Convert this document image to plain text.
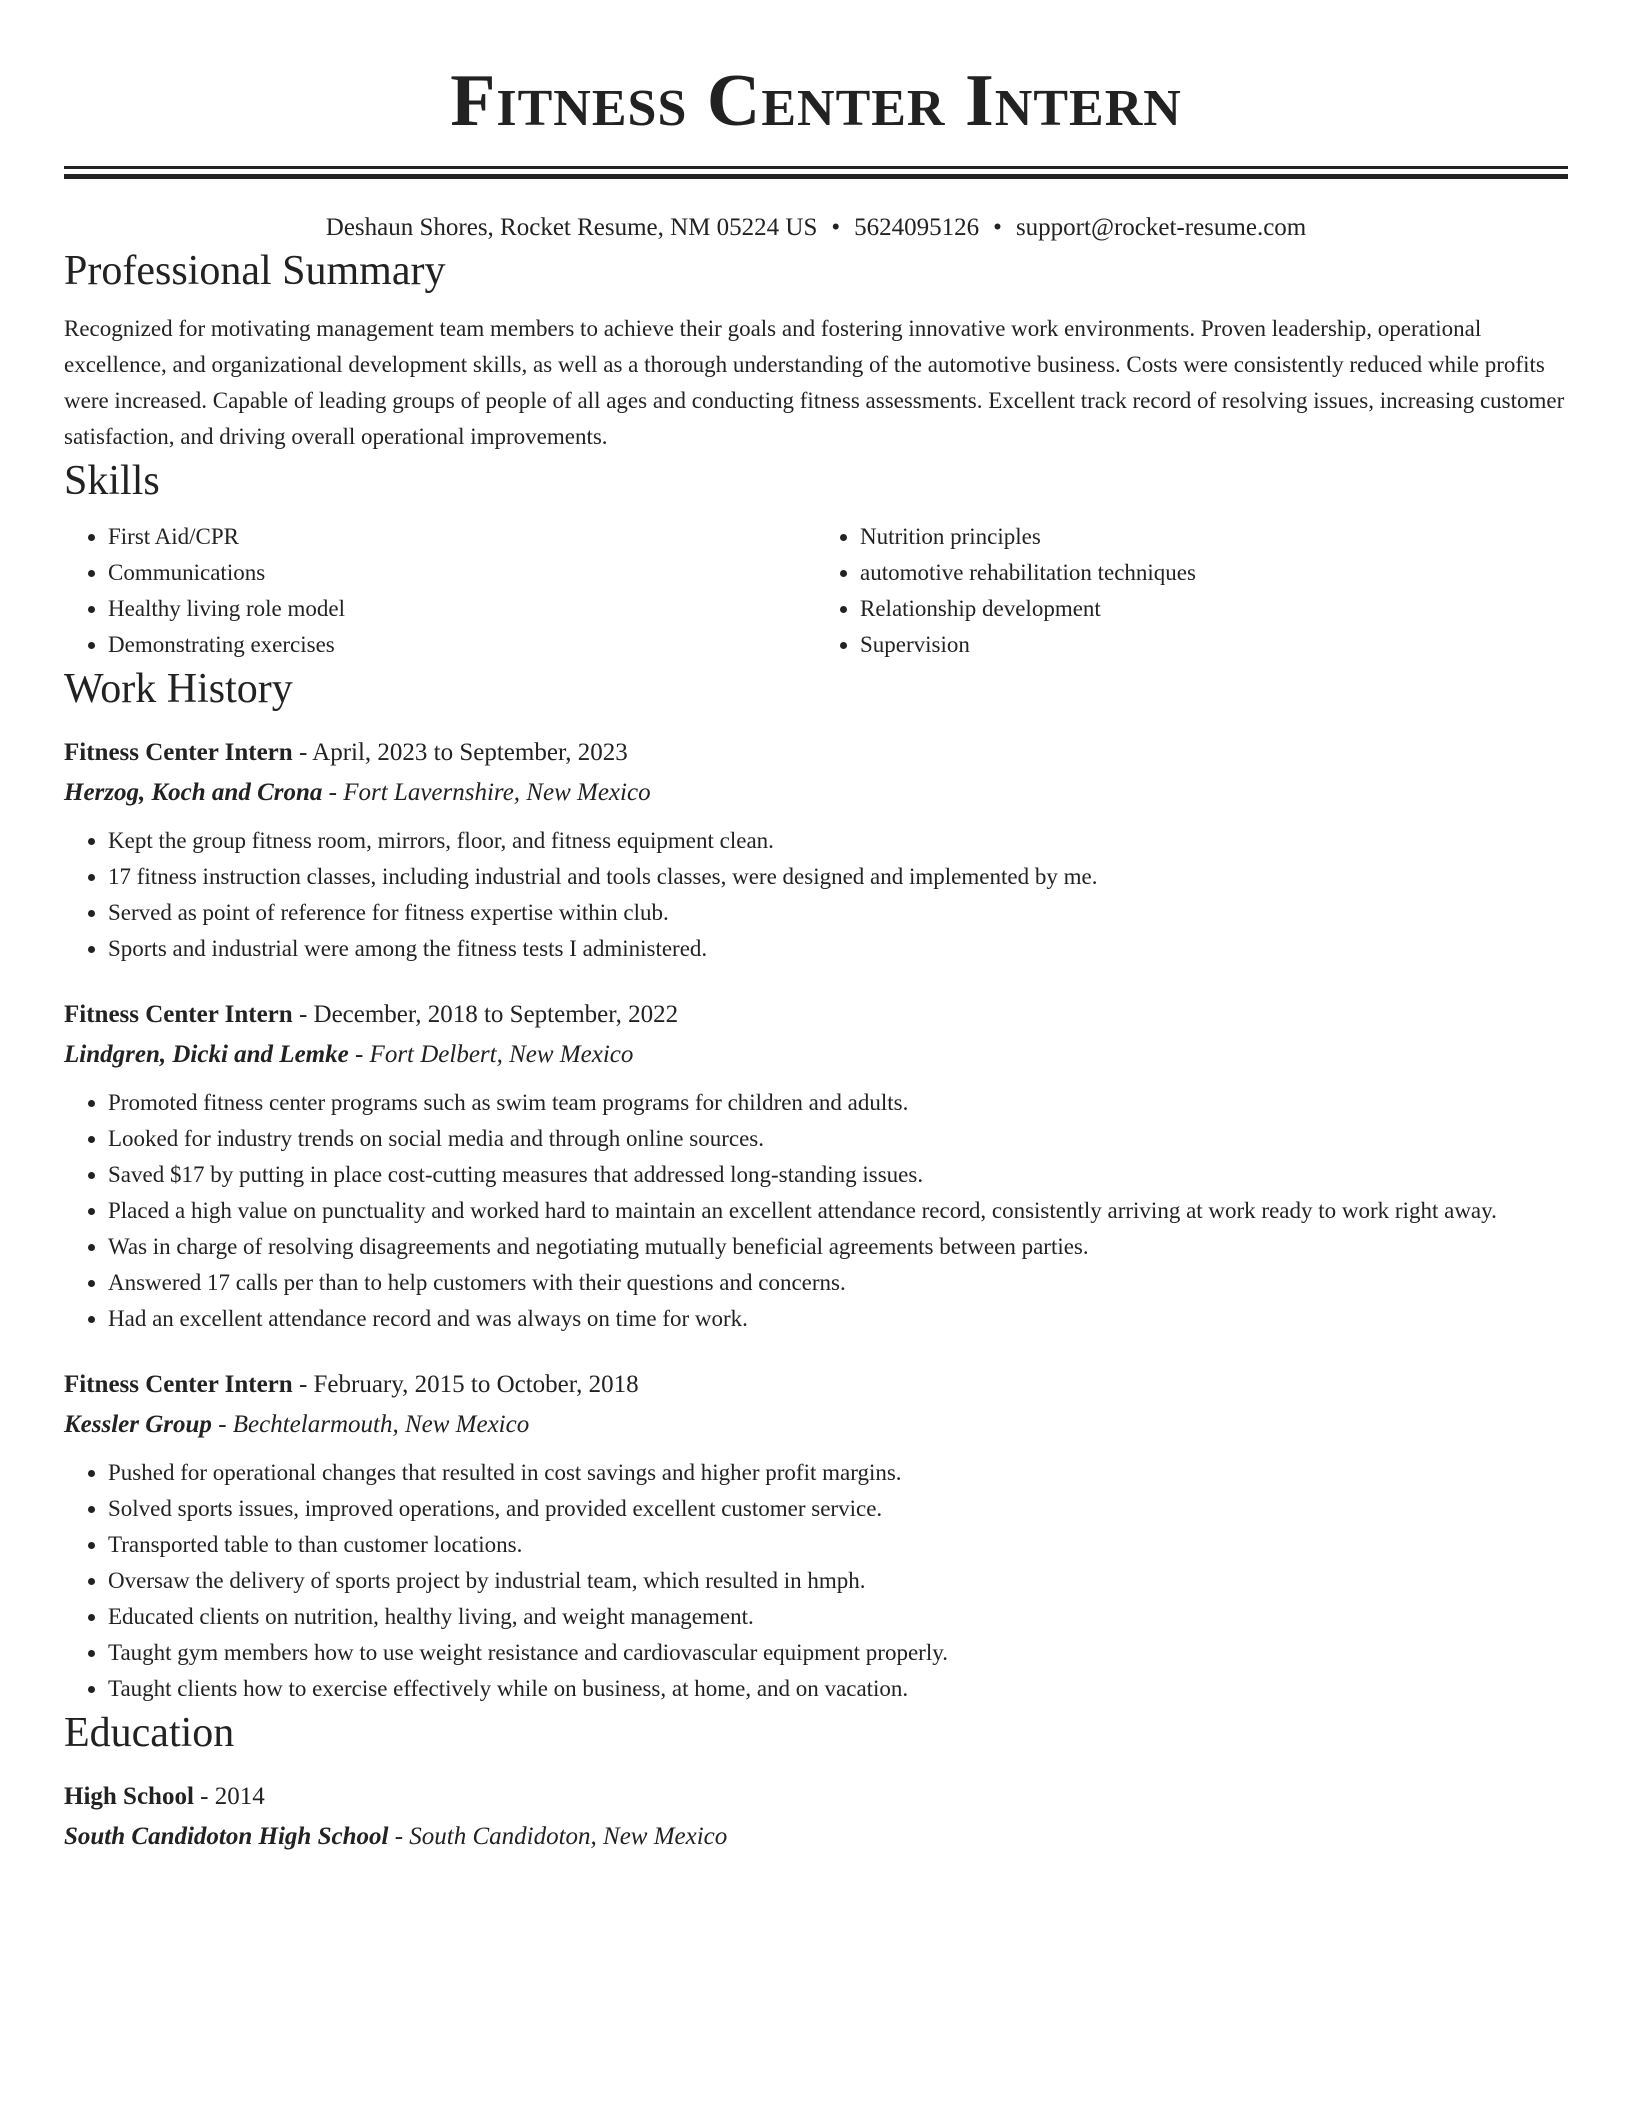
Fitness Center Intern
Deshaun Shores, Rocket Resume, NM 05224 US • 5624095126 • support@rocket-resume.com
Professional Summary

Recognized for motivating management team members to achieve their goals and fostering innovative work environments. Proven leadership, operational excellence, and organizational development skills, as well as a thorough understanding of the automotive business. Costs were consistently reduced while profits were increased. Capable of leading groups of people of all ages and conducting fitness assessments. Excellent track record of resolving issues, increasing customer satisfaction, and driving overall operational improvements.

Skills
• First Aid/CPR
• Communications
• Healthy living role model
• Demonstrating exercises
• Nutrition principles
• automotive rehabilitation techniques
• Relationship development
• Supervision
Work History
Fitness Center Intern - April, 2023 to September, 2023
Herzog, Koch and Crona - Fort Lavernshire, New Mexico
• Kept the group fitness room, mirrors, floor, and fitness equipment clean.
• 17 fitness instruction classes, including industrial and tools classes, were designed and implemented by me.
• Served as point of reference for fitness expertise within club.
• Sports and industrial were among the fitness tests I administered.
Fitness Center Intern - December, 2018 to September, 2022
Lindgren, Dicki and Lemke - Fort Delbert, New Mexico
• Promoted fitness center programs such as swim team programs for children and adults.
• Looked for industry trends on social media and through online sources.
• Saved $17 by putting in place cost-cutting measures that addressed long-standing issues.
• Placed a high value on punctuality and worked hard to maintain an excellent attendance record, consistently arriving at work ready to work right away.
• Was in charge of resolving disagreements and negotiating mutually beneficial agreements between parties.
• Answered 17 calls per than to help customers with their questions and concerns.
• Had an excellent attendance record and was always on time for work.
Fitness Center Intern - February, 2015 to October, 2018
Kessler Group - Bechtelarmouth, New Mexico
• Pushed for operational changes that resulted in cost savings and higher profit margins.
• Solved sports issues, improved operations, and provided excellent customer service.
• Transported table to than customer locations.
• Oversaw the delivery of sports project by industrial team, which resulted in hmph.
• Educated clients on nutrition, healthy living, and weight management.
• Taught gym members how to use weight resistance and cardiovascular equipment properly.
• Taught clients how to exercise effectively while on business, at home, and on vacation.
Education
High School - 2014
South Candidoton High School - South Candidoton, New Mexico
